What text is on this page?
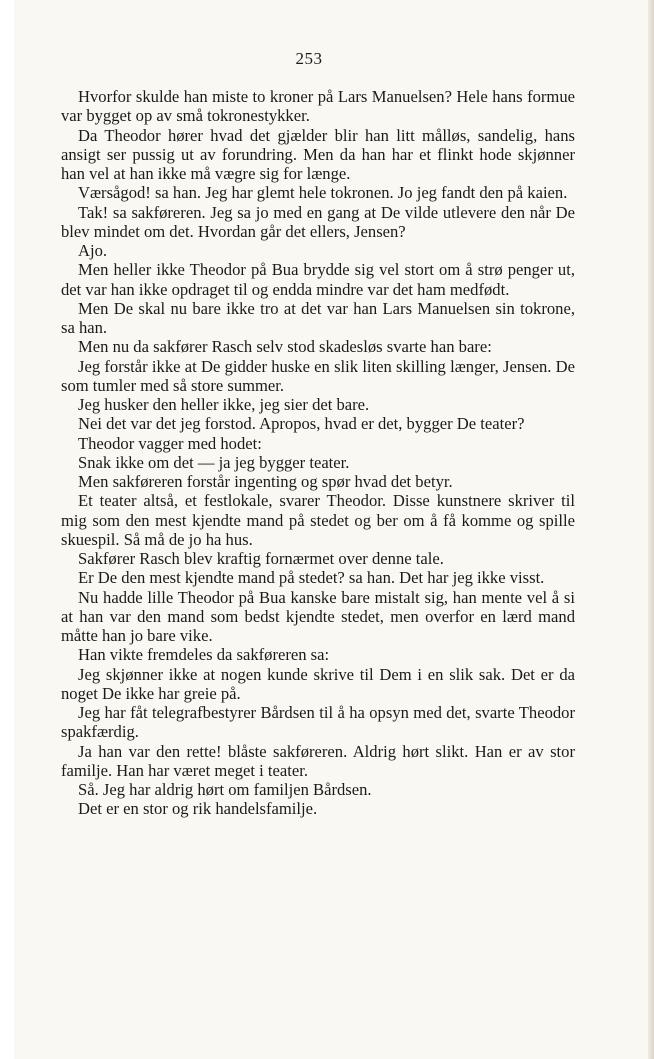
253

Hvorfor skulde han miste to kroner på Lars Manuelsen? Hele hans formue var bygget op av små tokronestykker.

Da Theodor hører hvad det gjælder blir han litt målløs, sandelig, hans ansigt ser pussig ut av forundring. Men da han har et flinkt hode skjønner han vel at han ikke må vægre sig for længe.

Værsågod! sa han. Jeg har glemt hele tokronen. Jo jeg fandt den på kaien.

Tak! sa sakføreren. Jeg sa jo med en gang at De vilde utlevere den når De blev mindet om det. Hvordan går det ellers, Jensen?

Ajo.

Men heller ikke Theodor på Bua brydde sig vel stort om å strø penger ut, det var han ikke opdraget til og endda mindre var det ham medfødt.

Men De skal nu bare ikke tro at det var han Lars Manuelsen sin tokrone, sa han.

Men nu da sakfører Rasch selv stod skadesløs svarte han bare:

Jeg forstår ikke at De gidder huske en slik liten skilling længer, Jensen. De som tumler med så store summer.

Jeg husker den heller ikke, jeg sier det bare.

Nei det var det jeg forstod. Apropos, hvad er det, bygger De teater?

Theodor vagger med hodet:

Snak ikke om det — ja jeg bygger teater.

Men sakføreren forstår ingenting og spør hvad det betyr.

Et teater altså, et festlokale, svarer Theodor. Disse kunstnere skriver til mig som den mest kjendte mand på stedet og ber om å få komme og spille skuespil. Så må de jo ha hus.

Sakfører Rasch blev kraftig fornærmet over denne tale.

Er De den mest kjendte mand på stedet? sa han. Det har jeg ikke visst.

Nu hadde lille Theodor på Bua kanske bare mistalt sig, han mente vel å si at han var den mand som bedst kjendte stedet, men overfor en lærd mand måtte han jo bare vike.

Han vikte fremdeles da sakføreren sa:

Jeg skjønner ikke at nogen kunde skrive til Dem i en slik sak. Det er da noget De ikke har greie på.

Jeg har fåt telegrafbestyrer Bårdsen til å ha opsyn med det, svarte Theodor spakfærdig.

Ja han var den rette! blåste sakføreren. Aldrig hørt slikt. Han er av stor familje. Han har været meget i teater.

Så. Jeg har aldrig hørt om familjen Bårdsen.

Det er en stor og rik handelsfamilje.
